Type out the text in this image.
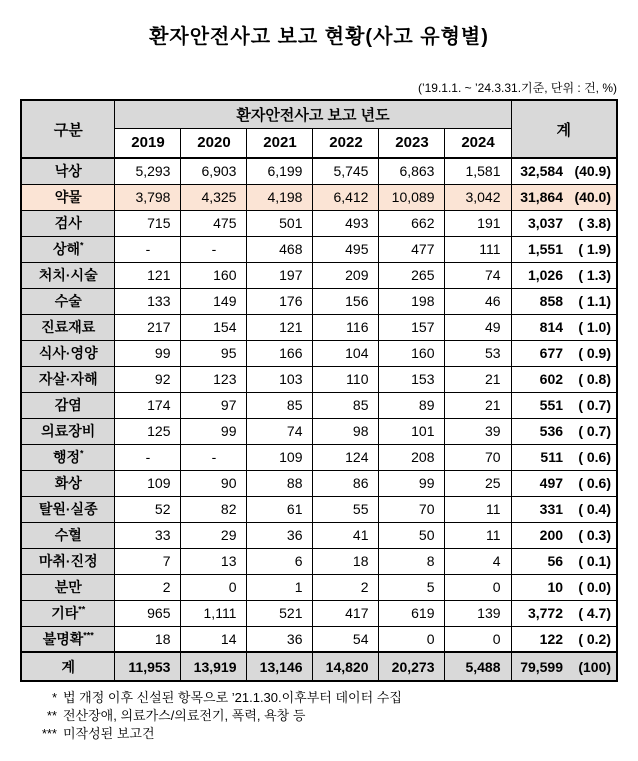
환자안전사고 보고 현황(사고 유형별)
(’19.1.1. ~ ’24.3.31.기준, 단위 : 건, %)
구분	환자안전사고 보고 년도						계
	2019	2020	2021	2022	2023	2024	
낙상	5,293	6,903	6,199	5,745	6,863	1,581	32,584 (40.9)

약물	3,798	4,325	4,198	6,412	10,089	3,042	31,864 (40.0)

검사	715	475	501	493	662	191	3,037 ( 3.8)

상해*	-	-	468	495	477	111	1,551 ( 1.9)

처치·시술	121	160	197	209	265	74	1,026 ( 1.3)

수술	133	149	176	156	198	46	858 ( 1.1)

진료재료	217	154	121	116	157	49	814 ( 1.0)

식사·영양	99	95	166	104	160	53	677 ( 0.9)

자살·자해	92	123	103	110	153	21	602 ( 0.8)

감염	174	97	85	85	89	21	551 ( 0.7)

의료장비	125	99	74	98	101	39	536 ( 0.7)

행정*	-	-	109	124	208	70	511 ( 0.6)

화상	109	90	88	86	99	25	497 ( 0.6)

탈원·실종	52	82	61	55	70	11	331 ( 0.4)

수혈	33	29	36	41	50	11	200 ( 0.3)

마취·진정	7	13	6	18	8	4	56 ( 0.1)

분만	2	0	1	2	5	0	10 ( 0.0)

기타**	965	1,111	521	417	619	139	3,772 ( 4.7)

불명확***	18	14	36	54	0	0	122 ( 0.2)

계	11,953	13,919	13,146	14,820	20,273	5,488	79,599 (100)
* 법 개정 이후 신설된 항목으로 ’21.1.30.이후부터 데이터 수집
** 전산장애, 의료가스/의료전기, 폭력, 욕창 등
*** 미작성된 보고건
